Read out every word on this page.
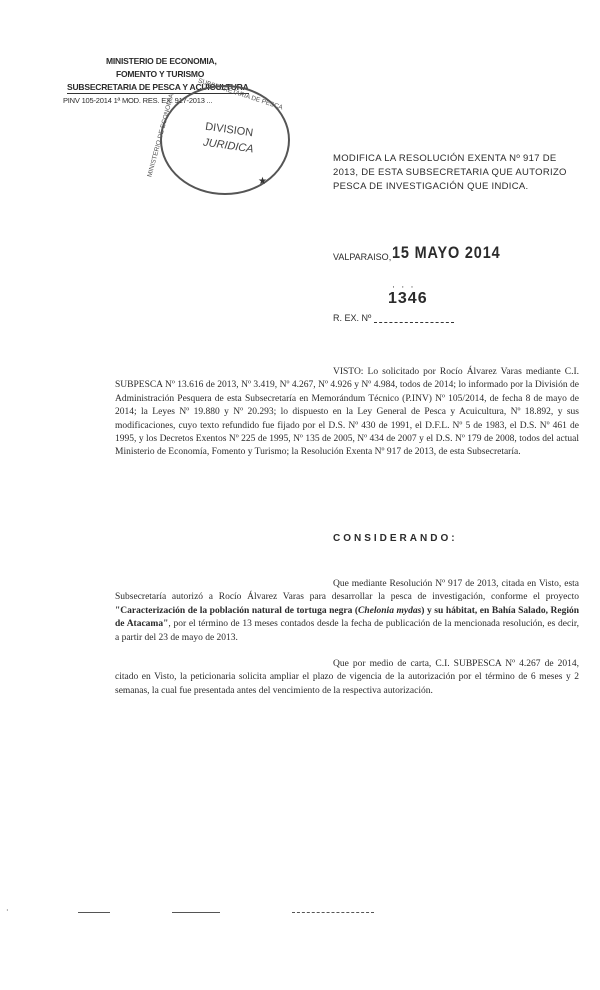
MINISTERIO DE ECONOMIA,
FOMENTO Y TURISMO
SUBSECRETARIA DE PESCA Y ACUICULTURA
PINV 105-2014 1ª MOD. RES. EX. 917-2013 ...
DIVISION
JURIDICA
SUBSECRETARIA DE PESCA
MINISTERIO DE ECONOMIA
★
MODIFICA LA RESOLUCIÓN EXENTA Nº 917 DE 2013, DE ESTA SUBSECRETARIA QUE AUTORIZO PESCA DE INVESTIGACIÓN QUE INDICA.
VALPARAISO, 15 MAYO 2014
· · ·
1346
R. EX. Nº
VISTO: Lo solicitado por Rocío Álvarez Varas mediante C.I. SUBPESCA Nº 13.616 de 2013, Nº 3.419, Nº 4.267, Nº 4.926 y Nº 4.984, todos de 2014; lo informado por la División de Administración Pesquera de esta Subsecretaría en Memorándum Técnico (P.INV) Nº 105/2014, de fecha 8 de mayo de 2014; la Leyes Nº 19.880 y Nº 20.293; lo dispuesto en la Ley General de Pesca y Acuicultura, Nº 18.892, y sus modificaciones, cuyo texto refundido fue fijado por el D.S. Nº 430 de 1991, el D.F.L. Nº 5 de 1983, el D.S. Nº 461 de 1995, y los Decretos Exentos Nº 225 de 1995, Nº 135 de 2005, Nº 434 de 2007 y el D.S. Nº 179 de 2008, todos del actual Ministerio de Economía, Fomento y Turismo; la Resolución Exenta Nº 917 de 2013, de esta Subsecretaría.
CONSIDERANDO:
Que mediante Resolución Nº 917 de 2013, citada en Visto, esta Subsecretaría autorizó a Rocío Álvarez Varas para desarrollar la pesca de investigación, conforme el proyecto "Caracterización de la población natural de tortuga negra (Chelonia mydas) y su hábitat, en Bahía Salado, Región de Atacama", por el término de 13 meses contados desde la fecha de publicación de la mencionada resolución, es decir, a partir del 23 de mayo de 2013.
Que por medio de carta, C.I. SUBPESCA Nº 4.267 de 2014, citado en Visto, la peticionaria solicita ampliar el plazo de vigencia de la autorización por el término de 6 meses y 2 semanas, la cual fue presentada antes del vencimiento de la respectiva autorización.
·
